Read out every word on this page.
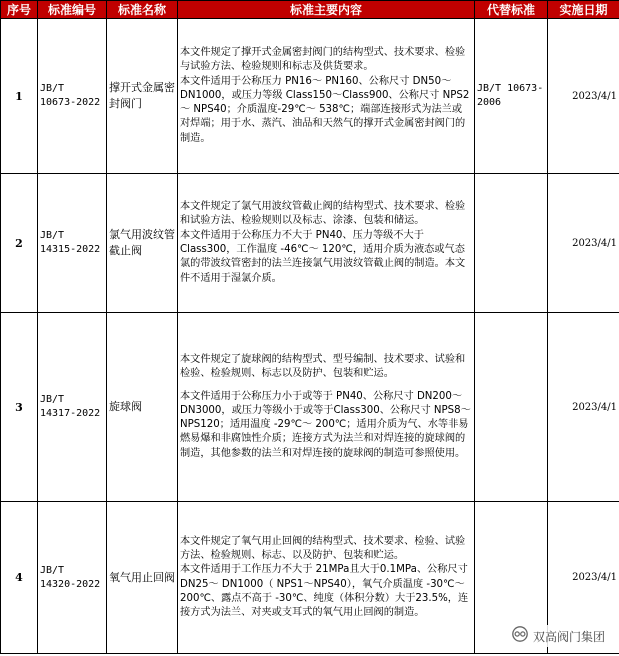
序号	标准编号	标准名称	标准主要内容	代替标准	实施日期
1	JB/T 10673-2022	撑开式金属密封阀门	本文件规定了撑开式金属密封阀门的结构型式、技术要求、检验与试验方法、检验规则和标志及供货要求。

本文件适用于公称压力 PN16～ PN160、公称尺寸 DN50～ DN1000，或压力等级 Class150～Class900、公称尺寸 NPS2～ NPS40；介质温度-29℃～ 538℃；端部连接形式为法兰或对焊端；用于水、蒸汽、油品和天然气的撑开式金属密封阀门的制造。	JB/T 10673-2006	2023/4/1
2	JB/T 14315-2022	氯气用波纹管截止阀	本文件规定了氯气用波纹管截止阀的结构型式、技术要求、检验和试验方法、检验规则以及标志、涂漆、包装和储运。

本文件适用于公称压力不大于 PN40、压力等级不大于Class300，工作温度 -46℃～ 120℃，适用介质为液态或气态氯的带波纹管密封的法兰连接氯气用波纹管截止阀的制造。本文件不适用于湿氯介质。		2023/4/1
3	JB/T 14317-2022	旋球阀	本文件规定了旋球阀的结构型式、型号编制、技术要求、试验和检验、检验规则、标志以及防护、包装和贮运。

本文件适用于公称压力小于或等于 PN40、公称尺寸 DN200～DN3000，或压力等级小于或等于Class300、公称尺寸 NPS8～ NPS120；适用温度 -29℃～ 200℃；适用介质为气、水等非易燃易爆和非腐蚀性介质；连接方式为法兰和对焊连接的旋球阀的制造，其他参数的法兰和对焊连接的旋球阀的制造可参照使用。		2023/4/1
4	JB/T 14320-2022	氧气用止回阀	本文件规定了氧气用止回阀的结构型式、技术要求、检验、试验方法、检验规则、标志、以及防护、包装和贮运。

本文件适用于工作压力不大于 21MPa且大于0.1MPa、公称尺寸DN25～ DN1000（ NPS1～NPS40），氧气介质温度 -30℃～ 200℃、露点不高于 -30℃、纯度（体积分数）大于23.5%，连接方式为法兰、对夹或支耳式的氧气用止回阀的制造。		2023/4/1
双高阀门集团
